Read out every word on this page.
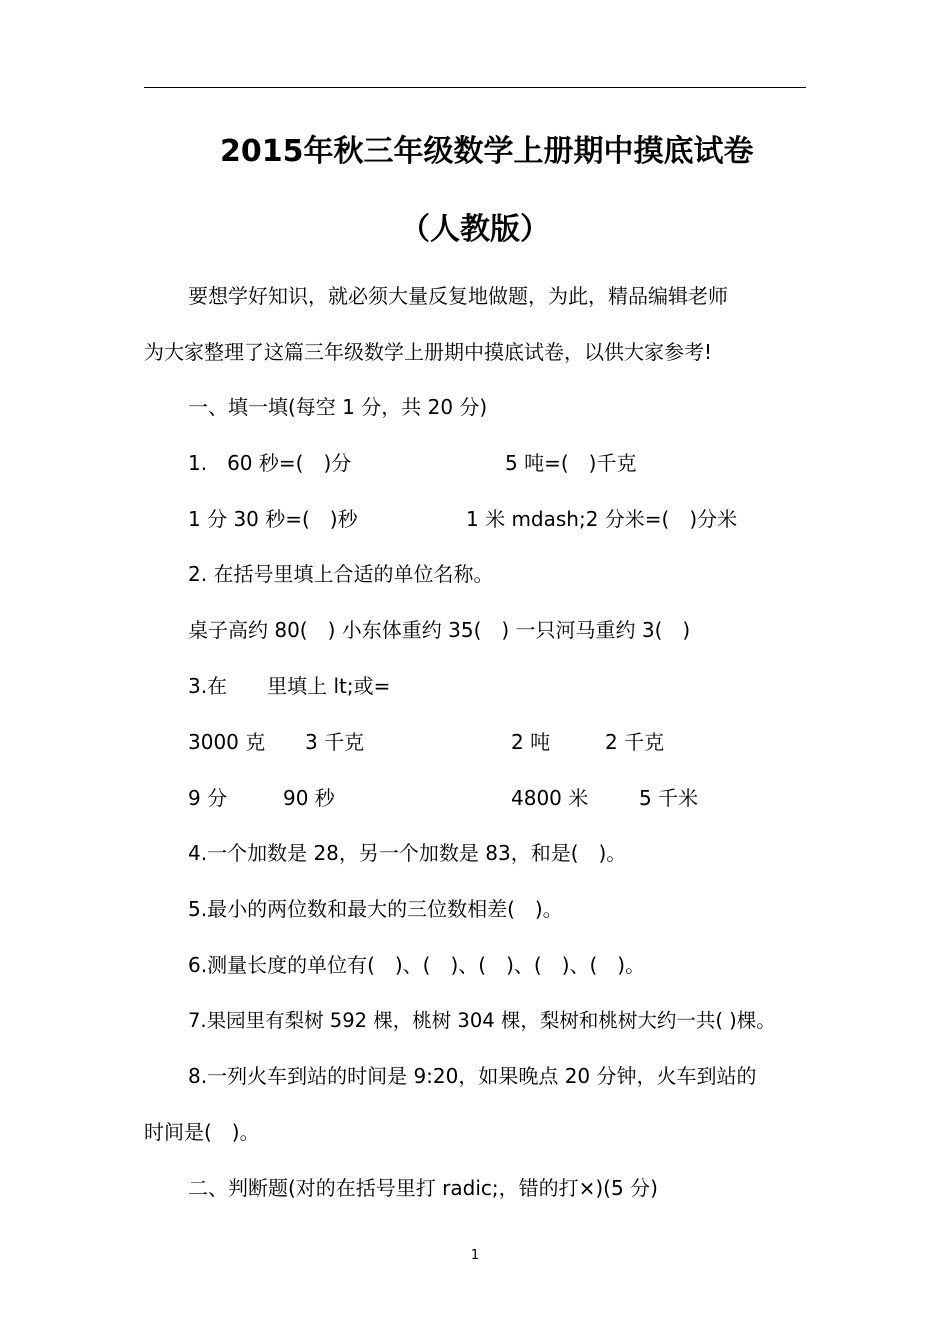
2015年秋三年级数学上册期中摸底试卷
（人教版）
要想学好知识，就必须大量反复地做题，为此，精品编辑老师
为大家整理了这篇三年级数学上册期中摸底试卷，以供大家参考!
一、填一填(每空 1 分，共 20 分)
1.　60 秒=(　)分	5 吨=(　)千克
1 分 30 秒=(　)秒	1 米 mdash;2 分米=(　)分米
2. 在括号里填上合适的单位名称。
桌子高约 80(　) 小东体重约 35(　) 一只河马重约 3(　)
3.在　　里填上 lt;或=
3000 克 3 千克	2 吨	2 千克
9 分	90 秒	4800 米	5 千米
4.一个加数是 28，另一个加数是 83，和是(　)。
5.最小的两位数和最大的三位数相差(　)。
6.测量长度的单位有(　)、(　)、(　)、(　)、(　)。
7.果园里有梨树 592 棵，桃树 304 棵，梨树和桃树大约一共( )棵。
8.一列火车到站的时间是 9:20，如果晚点 20 分钟，火车到站的
时间是(　)。
二、判断题(对的在括号里打 radic;，错的打×)(5 分)
1
